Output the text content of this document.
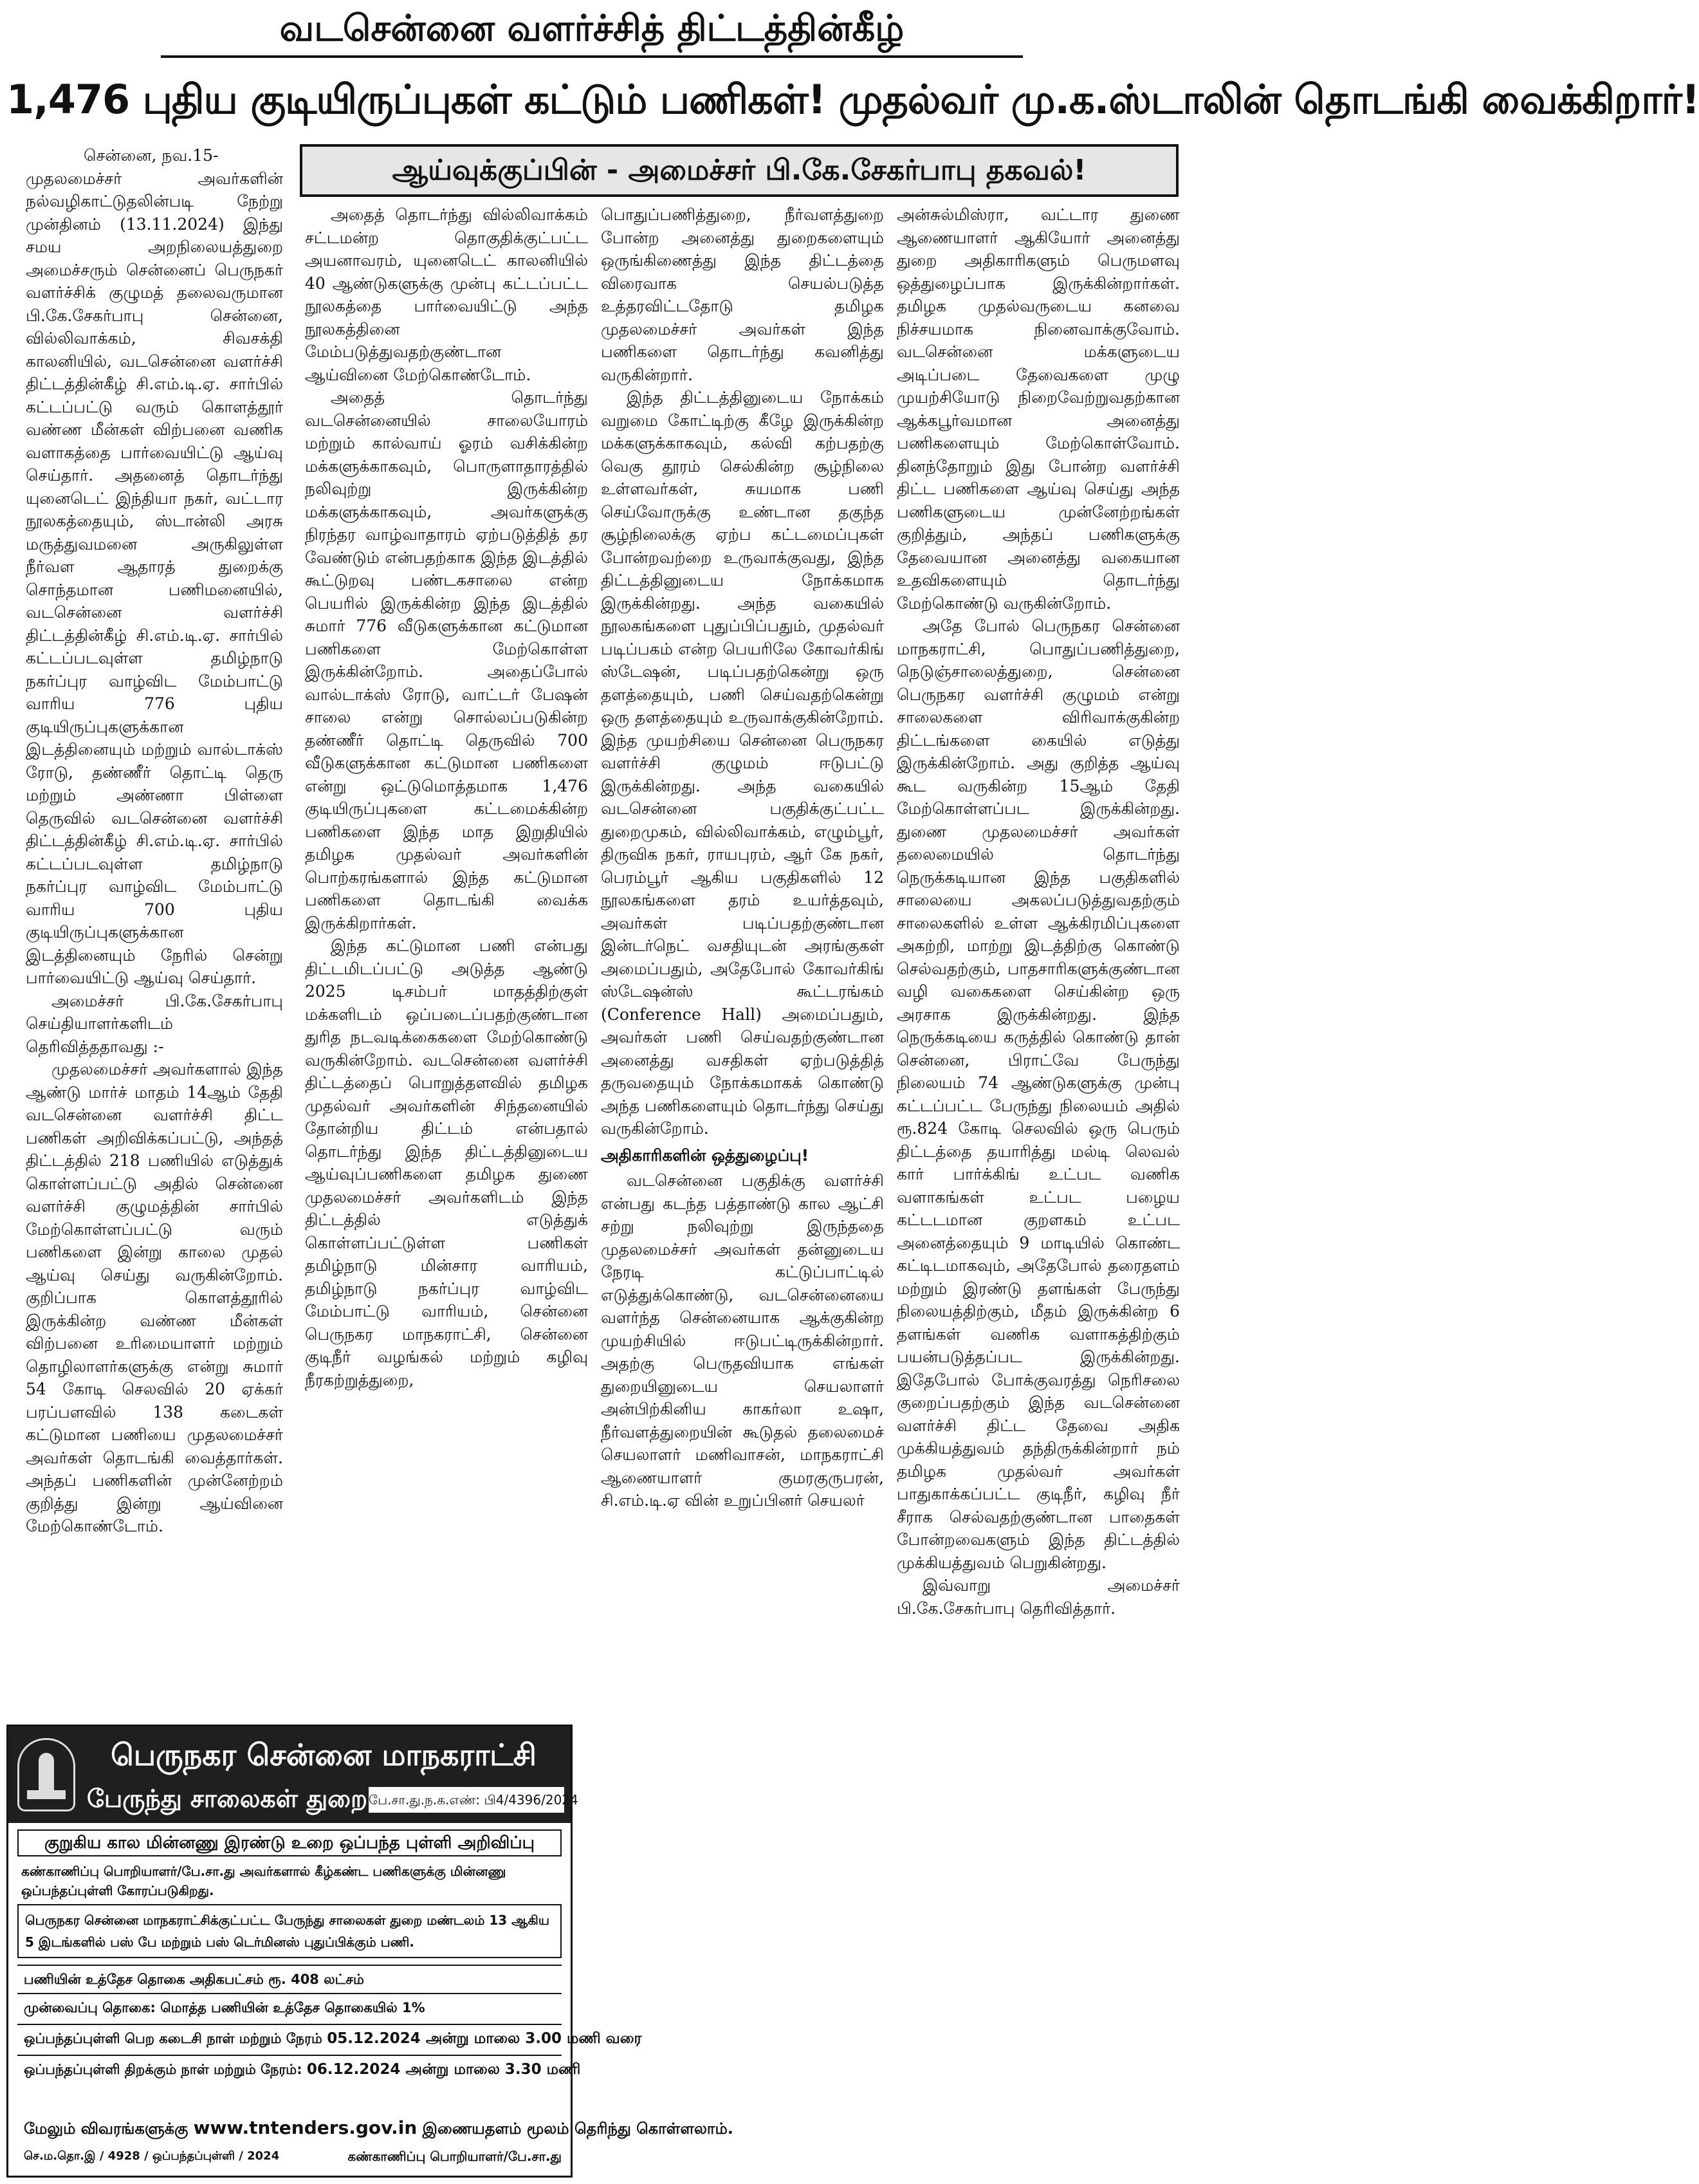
வடசென்னை வளர்ச்சித் திட்டத்தின்கீழ்
1,476 புதிய குடியிருப்புகள் கட்டும் பணிகள்! முதல்வர் மு.க.ஸ்டாலின் தொடங்கி வைக்கிறார்!
ஆய்வுக்குப்பின் - அமைச்சர் பி.கே.சேகர்பாபு தகவல்!

சென்னை, நவ.15-

முதலமைச்சர் அவர்களின் நல்வழிகாட்டுதலின்படி நேற்று முன்தினம் (13.11.2024) இந்து சமய அறநிலையத்துறை அமைச்சரும் சென்னைப் பெருநகர் வளர்ச்சிக் குழுமத் தலைவருமான பி.கே.சேகர்பாபு சென்னை, வில்லிவாக்கம், சிவசக்தி காலனியில், வடசென்னை வளர்ச்சி திட்டத்தின்கீழ் சி.எம்.டி.ஏ. சார்பில் கட்டப்பட்டு வரும் கொளத்தூர் வண்ண மீன்கள் விற்பனை வணிக வளாகத்தை பார்வையிட்டு ஆய்வு செய்தார். அதனைத் தொடர்ந்து யுனைடெட் இந்தியா நகர், வட்டார நூலகத்தையும், ஸ்டான்லி அரசு மருத்துவமனை அருகிலுள்ள நீர்வள ஆதாரத் துறைக்கு சொந்தமான பணிமனையில், வடசென்னை வளர்ச்சி திட்டத்தின்கீழ் சி.எம்.டி.ஏ. சார்பில் கட்டப்படவுள்ள தமிழ்நாடு நகர்ப்புர வாழ்விட மேம்பாட்டு வாரிய 776 புதிய குடியிருப்புகளுக்கான இடத்தினையும் மற்றும் வால்டாக்ஸ் ரோடு, தண்ணீர் தொட்டி தெரு மற்றும் அண்ணா பிள்ளை தெருவில் வடசென்னை வளர்ச்சி திட்டத்தின்கீழ் சி.எம்.டி.ஏ. சார்பில் கட்டப்படவுள்ள தமிழ்நாடு நகர்ப்புர வாழ்விட மேம்பாட்டு வாரிய 700 புதிய குடியிருப்புகளுக்கான இடத்தினையும் நேரில் சென்று பார்வையிட்டு ஆய்வு செய்தார்.

அமைச்சர் பி.கே.சேகர்பாபு செய்தியாளர்களிடம் தெரிவித்ததாவது :-

முதலமைச்சர் அவர்களால் இந்த ஆண்டு மார்ச் மாதம் 14ஆம் தேதி வடசென்னை வளர்ச்சி திட்ட பணிகள் அறிவிக்கப்பட்டு, அந்தத் திட்டத்தில் 218 பணியில் எடுத்துக் கொள்ளப்பட்டு அதில் சென்னை வளர்ச்சி குழுமத்தின் சார்பில் மேற்கொள்ளப்பட்டு வரும் பணிகளை இன்று காலை முதல் ஆய்வு செய்து வருகின்றோம். குறிப்பாக கொளத்தூரில் இருக்கின்ற வண்ண மீன்கள் விற்பனை உரிமையாளர் மற்றும் தொழிலாளர்களுக்கு என்று சுமார் 54 கோடி செலவில் 20 ஏக்கர் பரப்பளவில் 138 கடைகள் கட்டுமான பணியை முதலமைச்சர் அவர்கள் தொடங்கி வைத்தார்கள். அந்தப் பணிகளின் முன்னேற்றம் குறித்து இன்று ஆய்வினை மேற்கொண்டோம்.

அதைத் தொடர்ந்து வில்லிவாக்கம் சட்டமன்ற தொகுதிக்குட்பட்ட அயனாவரம், யுனைடெட் காலனியில் 40 ஆண்டுகளுக்கு முன்பு கட்டப்பட்ட நூலகத்தை பார்வையிட்டு அந்த நூலகத்தினை மேம்படுத்துவதற்குண்டான ஆய்வினை மேற்கொண்டோம்.

அதைத் தொடர்ந்து வடசென்னையில் சாலையோரம் மற்றும் கால்வாய் ஓரம் வசிக்கின்ற மக்களுக்காகவும், பொருளாதாரத்தில் நலிவுற்று இருக்கின்ற மக்களுக்காகவும், அவர்களுக்கு நிரந்தர வாழ்வாதாரம் ஏற்படுத்தித் தர வேண்டும் என்பதற்காக இந்த இடத்தில் கூட்டுறவு பண்டகசாலை என்ற பெயரில் இருக்கின்ற இந்த இடத்தில் சுமார் 776 வீடுகளுக்கான கட்டுமான பணிகளை மேற்கொள்ள இருக்கின்றோம். அதைப்போல் வால்டாக்ஸ் ரோடு, வாட்டர் பேஷன் சாலை என்று சொல்லப்படுகின்ற தண்ணீர் தொட்டி தெருவில் 700 வீடுகளுக்கான கட்டுமான பணிகளை என்று ஒட்டுமொத்தமாக 1,476 குடியிருப்புகளை கட்டமைக்கின்ற பணிகளை இந்த மாத இறுதியில் தமிழக முதல்வர் அவர்களின் பொற்கரங்களால் இந்த கட்டுமான பணிகளை தொடங்கி வைக்க இருக்கிறார்கள்.

இந்த கட்டுமான பணி என்பது திட்டமிடப்பட்டு அடுத்த ஆண்டு 2025 டிசம்பர் மாதத்திற்குள் மக்களிடம் ஒப்படைப்பதற்குண்டான துரித நடவடிக்கைகளை மேற்கொண்டு வருகின்றோம். வடசென்னை வளர்ச்சி திட்டத்தைப் பொறுத்தளவில் தமிழக முதல்வர் அவர்களின் சிந்தனையில் தோன்றிய திட்டம் என்பதால் தொடர்ந்து இந்த திட்டத்தினுடைய ஆய்வுப்பணிகளை தமிழக துணை முதலமைச்சர் அவர்களிடம் இந்த திட்டத்தில் எடுத்துக் கொள்ளப்பட்டுள்ள பணிகள் தமிழ்நாடு மின்சார வாரியம், தமிழ்நாடு நகர்ப்புர வாழ்விட மேம்பாட்டு வாரியம், சென்னை பெருநகர மாநகராட்சி, சென்னை குடிநீர் வழங்கல் மற்றும் கழிவு நீரகற்றுத்துறை,

பொதுப்பணித்துறை, நீர்வளத்துறை போன்ற அனைத்து துறைகளையும் ஒருங்கிணைத்து இந்த திட்டத்தை விரைவாக செயல்படுத்த உத்தரவிட்டதோடு தமிழக முதலமைச்சர் அவர்கள் இந்த பணிகளை தொடர்ந்து கவனித்து வருகின்றார்.

இந்த திட்டத்தினுடைய நோக்கம் வறுமை கோட்டிற்கு கீழே இருக்கின்ற மக்களுக்காகவும், கல்வி கற்பதற்கு வெகு தூரம் செல்கின்ற சூழ்நிலை உள்ளவர்கள், சுயமாக பணி செய்வோருக்கு உண்டான தகுந்த சூழ்நிலைக்கு ஏற்ப கட்டமைப்புகள் போன்றவற்றை உருவாக்குவது, இந்த திட்டத்தினுடைய நோக்கமாக இருக்கின்றது. அந்த வகையில் நூலகங்களை புதுப்பிப்பதும், முதல்வர் படிப்பகம் என்ற பெயரிலே கோவர்கிங் ஸ்டேஷன், படிப்பதற்கென்று ஒரு தளத்தையும், பணி செய்வதற்கென்று ஒரு தளத்தையும் உருவாக்குகின்றோம். இந்த முயற்சியை சென்னை பெருநகர வளர்ச்சி குழுமம் ஈடுபட்டு இருக்கின்றது. அந்த வகையில் வடசென்னை பகுதிக்குட்பட்ட துறைமுகம், வில்லிவாக்கம், எழும்பூர், திருவிக நகர், ராயபுரம், ஆர் கே நகர், பெரம்பூர் ஆகிய பகுதிகளில் 12 நூலகங்களை தரம் உயர்த்தவும், அவர்கள் படிப்பதற்குண்டான இன்டர்நெட் வசதியுடன் அரங்குகள் அமைப்பதும், அதேபோல் கோவர்கிங் ஸ்டேஷன்ஸ் கூட்டரங்கம் (Conference Hall) அமைப்பதும், அவர்கள் பணி செய்வதற்குண்டான அனைத்து வசதிகள் ஏற்படுத்தித் தருவதையும் நோக்கமாகக் கொண்டு அந்த பணிகளையும் தொடர்ந்து செய்து வருகின்றோம்.

அதிகாரிகளின் ஒத்துழைப்பு!

வடசென்னை பகுதிக்கு வளர்ச்சி என்பது கடந்த பத்தாண்டு கால ஆட்சி சற்று நலிவுற்று இருந்ததை முதலமைச்சர் அவர்கள் தன்னுடைய நேரடி கட்டுப்பாட்டில் எடுத்துக்கொண்டு, வடசென்னையை வளர்ந்த சென்னையாக ஆக்குகின்ற முயற்சியில் ஈடுபட்டிருக்கின்றார். அதற்கு பெருதவியாக எங்கள் துறையினுடைய செயலாளர் அன்பிற்கினிய காகர்லா உஷா, நீர்வளத்துறையின் கூடுதல் தலைமைச் செயலாளர் மணிவாசன், மாநகராட்சி ஆணையாளர் குமரகுருபரன், சி.எம்.டி.ஏ வின் உறுப்பினர் செயலர்

அன்சுல்மிஸ்ரா, வட்டார துணை ஆணையாளர் ஆகியோர் அனைத்து துறை அதிகாரிகளும் பெருமளவு ஒத்துழைப்பாக இருக்கின்றார்கள். தமிழக முதல்வருடைய கனவை நிச்சயமாக நினைவாக்குவோம். வடசென்னை மக்களுடைய அடிப்படை தேவைகளை முழு முயற்சியோடு நிறைவேற்றுவதற்கான ஆக்கபூர்வமான அனைத்து பணிகளையும் மேற்கொள்வோம். தினந்தோறும் இது போன்ற வளர்ச்சி திட்ட பணிகளை ஆய்வு செய்து அந்த பணிகளுடைய முன்னேற்றங்கள் குறித்தும், அந்தப் பணிகளுக்கு தேவையான அனைத்து வகையான உதவிகளையும் தொடர்ந்து மேற்கொண்டு வருகின்றோம்.

அதே போல் பெருநகர சென்னை மாநகராட்சி, பொதுப்பணித்துறை, நெடுஞ்சாலைத்துறை, சென்னை பெருநகர வளர்ச்சி குழுமம் என்று சாலைகளை விரிவாக்குகின்ற திட்டங்களை கையில் எடுத்து இருக்கின்றோம். அது குறித்த ஆய்வு கூட வருகின்ற 15ஆம் தேதி மேற்கொள்ளப்பட இருக்கின்றது. துணை முதலமைச்சர் அவர்கள் தலைமையில் தொடர்ந்து நெருக்கடியான இந்த பகுதிகளில் சாலையை அகலப்படுத்துவதற்கும் சாலைகளில் உள்ள ஆக்கிரமிப்புகளை அகற்றி, மாற்று இடத்திற்கு கொண்டு செல்வதற்கும், பாதசாரிகளுக்குண்டான வழி வகைகளை செய்கின்ற ஒரு அரசாக இருக்கின்றது. இந்த நெருக்கடியை கருத்தில் கொண்டு தான் சென்னை, பிராட்வே பேருந்து நிலையம் 74 ஆண்டுகளுக்கு முன்பு கட்டப்பட்ட பேருந்து நிலையம் அதில் ரூ.824 கோடி செலவில் ஒரு பெரும் திட்டத்தை தயாரித்து மல்டி லெவல் கார் பார்க்கிங் உட்பட வணிக வளாகங்கள் உட்பட பழைய கட்டடமான குறளகம் உட்பட அனைத்தையும் 9 மாடியில் கொண்ட கட்டிடமாகவும், அதேபோல் தரைதளம் மற்றும் இரண்டு தளங்கள் பேருந்து நிலையத்திற்கும், மீதம் இருக்கின்ற 6 தளங்கள் வணிக வளாகத்திற்கும் பயன்படுத்தப்பட இருக்கின்றது. இதேபோல் போக்குவரத்து நெரிசலை குறைப்பதற்கும் இந்த வடசென்னை வளர்ச்சி திட்ட தேவை அதிக முக்கியத்துவம் தந்திருக்கின்றார் நம் தமிழக முதல்வர் அவர்கள் பாதுகாக்கப்பட்ட குடிநீர், கழிவு நீர் சீராக செல்வதற்குண்டான பாதைகள் போன்றவைகளும் இந்த திட்டத்தில் முக்கியத்துவம் பெறுகின்றது.

இவ்வாறு அமைச்சர் பி.கே.சேகர்பாபு தெரிவித்தார்.

பெருநகர சென்னை மாநகராட்சி
பேருந்து சாலைகள் துறை பே.சா.து.ந.க.எண்: பி4/4396/2024
குறுகிய கால மின்னணு இரண்டு உறை ஒப்பந்த புள்ளி அறிவிப்பு
கண்காணிப்பு பொறியாளர்/பே.சா.து அவர்களால் கீழ்கண்ட பணிகளுக்கு மின்னணு ஒப்பந்தப்புள்ளி கோரப்படுகிறது.
பெருநகர சென்னை மாநகராட்சிக்குட்பட்ட பேருந்து சாலைகள் துறை மண்டலம் 13 ஆகிய 5 இடங்களில் பஸ் பே மற்றும் பஸ் டெர்மினஸ் புதுப்பிக்கும் பணி.
பணியின் உத்தேச தொகை அதிகபட்சம் ரூ. 408 லட்சம்
முன்வைப்பு தொகை: மொத்த பணியின் உத்தேச தொகையில் 1%
ஒப்பந்தப்புள்ளி பெற கடைசி நாள் மற்றும் நேரம் 05.12.2024 அன்று மாலை 3.00 மணி வரை
ஒப்பந்தப்புள்ளி திறக்கும் நாள் மற்றும் நேரம்: 06.12.2024 அன்று மாலை 3.30 மணி
மேலும் விவரங்களுக்கு www.tntenders.gov.in இணையதளம் மூலம் தெரிந்து கொள்ளலாம்.
செ.ம.தொ.இ / 4928 / ஒப்பந்தப்புள்ளி / 2024	கண்காணிப்பு பொறியாளர்/பே.சா.து
